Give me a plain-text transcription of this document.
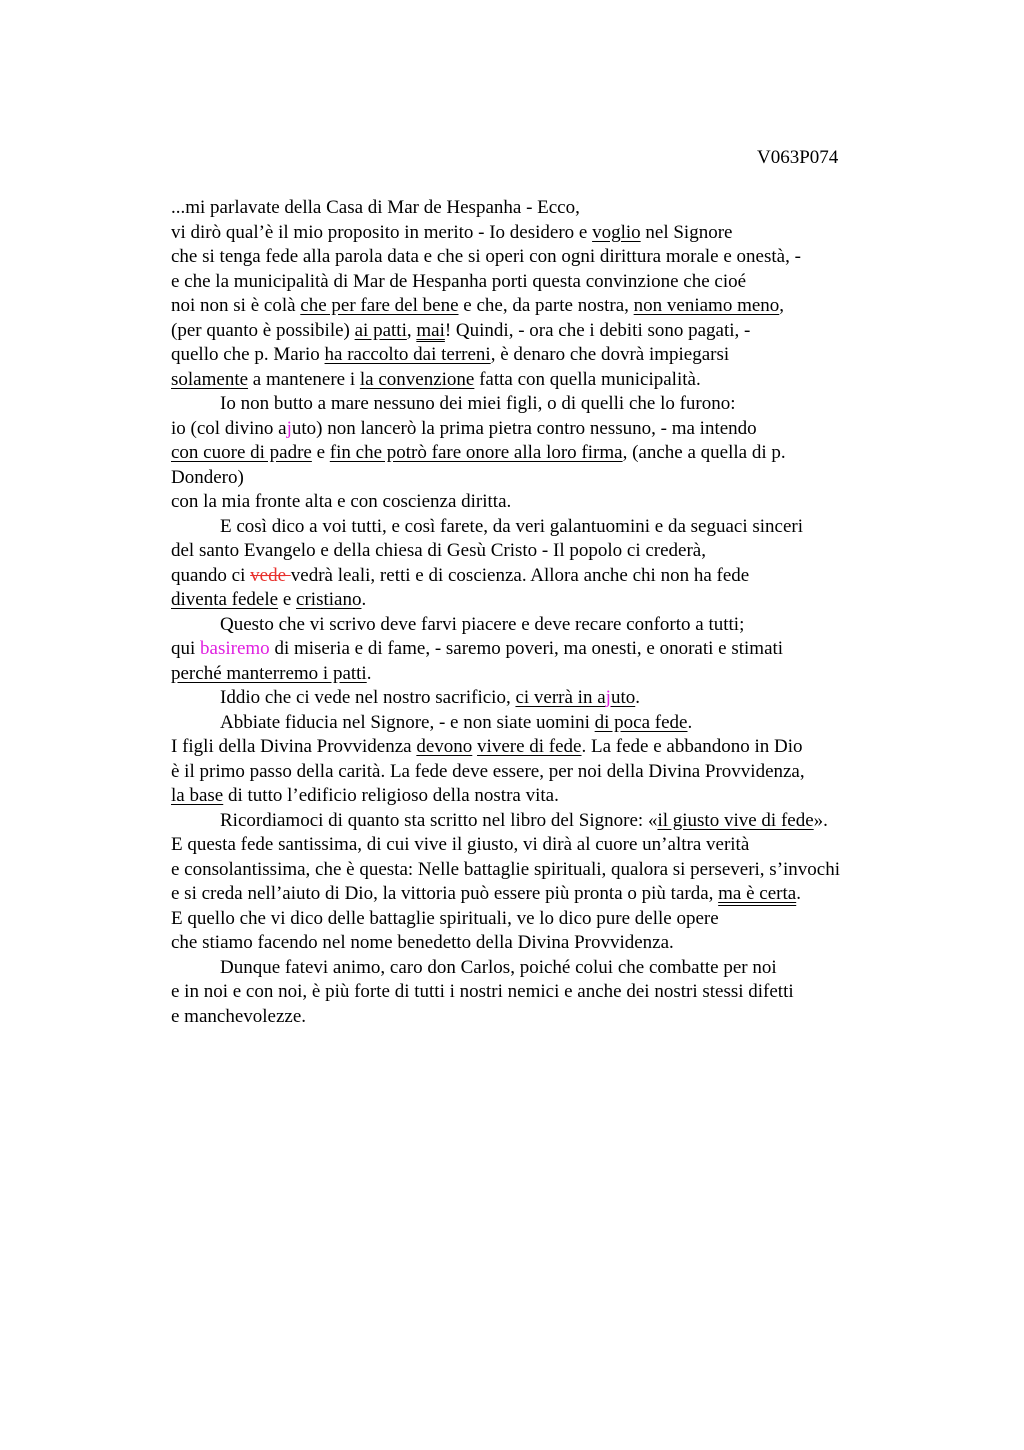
V063P074
...mi parlavate della Casa di Mar de Hespanha - Ecco,
vi dirò qual’è il mio proposito in merito - Io desidero e voglio nel Signore
che si tenga fede alla parola data e che si operi con ogni dirittura morale e onestà, -
e che la municipalità di Mar de Hespanha porti questa convinzione che cioé
noi non si è colà che per fare del bene e che, da parte nostra, non veniamo meno,
(per quanto è possibile) ai patti, mai! Quindi, - ora che i debiti sono pagati, -
quello che p. Mario ha raccolto dai terreni, è denaro che dovrà impiegarsi
solamente a mantenere i la convenzione fatta con quella municipalità.
Io non butto a mare nessuno dei miei figli, o di quelli che lo furono:
io (col divino ajuto) non lancerò la prima pietra contro nessuno, - ma intendo
con cuore di padre e fin che potrò fare onore alla loro firma, (anche a quella di p.
Dondero)
con la mia fronte alta e con coscienza diritta.
E così dico a voi tutti, e così farete, da veri galantuomini e da seguaci sinceri
del santo Evangelo e della chiesa di Gesù Cristo - Il popolo ci crederà,
quando ci vede vedrà leali, retti e di coscienza. Allora anche chi non ha fede
diventa fedele e cristiano.
Questo che vi scrivo deve farvi piacere e deve recare conforto a tutti;
qui basiremo di miseria e di fame, - saremo poveri, ma onesti, e onorati e stimati
perché manterremo i patti.
Iddio che ci vede nel nostro sacrificio, ci verrà in ajuto.
Abbiate fiducia nel Signore, - e non siate uomini di poca fede.
I figli della Divina Provvidenza devono vivere di fede. La fede e abbandono in Dio
è il primo passo della carità. La fede deve essere, per noi della Divina Provvidenza,
la base di tutto l’edificio religioso della nostra vita.
Ricordiamoci di quanto sta scritto nel libro del Signore: «il giusto vive di fede».
E questa fede santissima, di cui vive il giusto, vi dirà al cuore un’altra verità
e consolantissima, che è questa: Nelle battaglie spirituali, qualora si perseveri, s’invochi
e si creda nell’aiuto di Dio, la vittoria può essere più pronta o più tarda, ma è certa.
E quello che vi dico delle battaglie spirituali, ve lo dico pure delle opere
che stiamo facendo nel nome benedetto della Divina Provvidenza.
Dunque fatevi animo, caro don Carlos, poiché colui che combatte per noi
e in noi e con noi, è più forte di tutti i nostri nemici e anche dei nostri stessi difetti
e manchevolezze.
